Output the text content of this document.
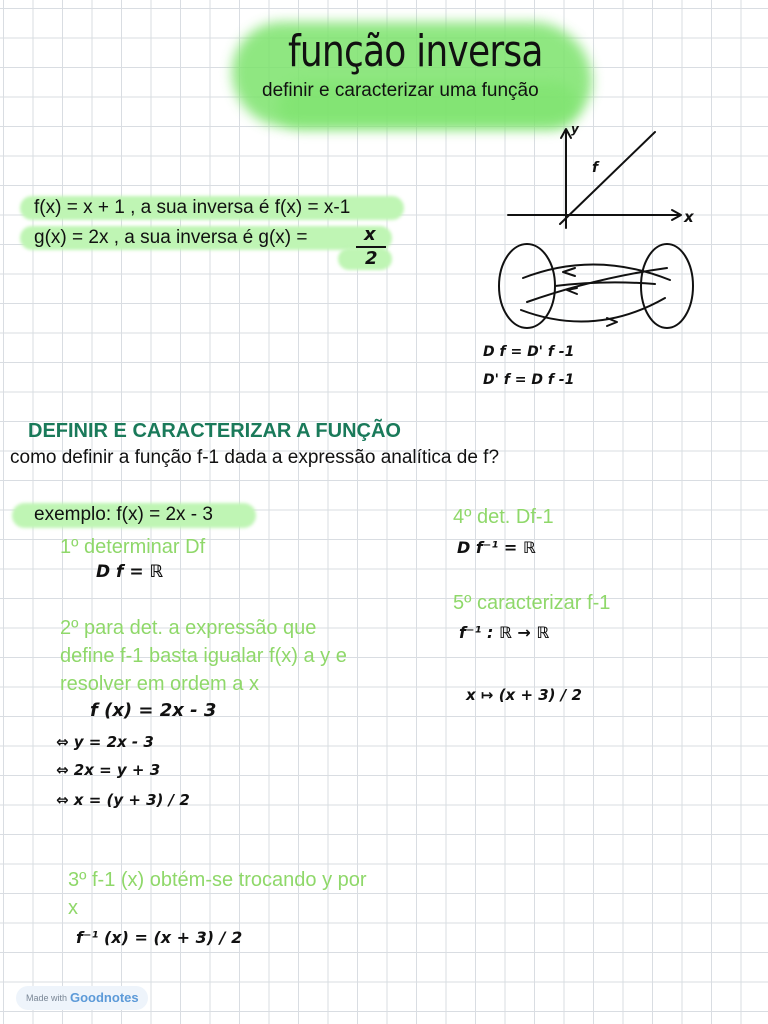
função inversa
definir e caracterizar uma função
f(x) = x + 1 , a sua inversa é f(x) = x-1
g(x) = 2x , a sua inversa é g(x) =	x
2
y
x
f
D f = D' f -1
D' f = D f -1
DEFINIR E CARACTERIZAR A FUNÇÃO
como definir a função f-1 dada a expressão analítica de f?
exemplo: f(x) = 2x - 3
1º determinar Df
D f = ℝ
2º para det. a expressão que define f-1 basta igualar f(x) a y e resolver em ordem a x
f (x) = 2x - 3
⇔ y = 2x - 3
⇔ 2x = y + 3
⇔ x = (y + 3) / 2
3º f-1 (x) obtém-se trocando y por x
f⁻¹ (x) = (x + 3) / 2
4º det. Df-1
D f⁻¹ = ℝ
5º caracterizar f-1
f⁻¹ : ℝ → ℝ
x ↦ (x + 3) / 2
Made with Goodnotes
